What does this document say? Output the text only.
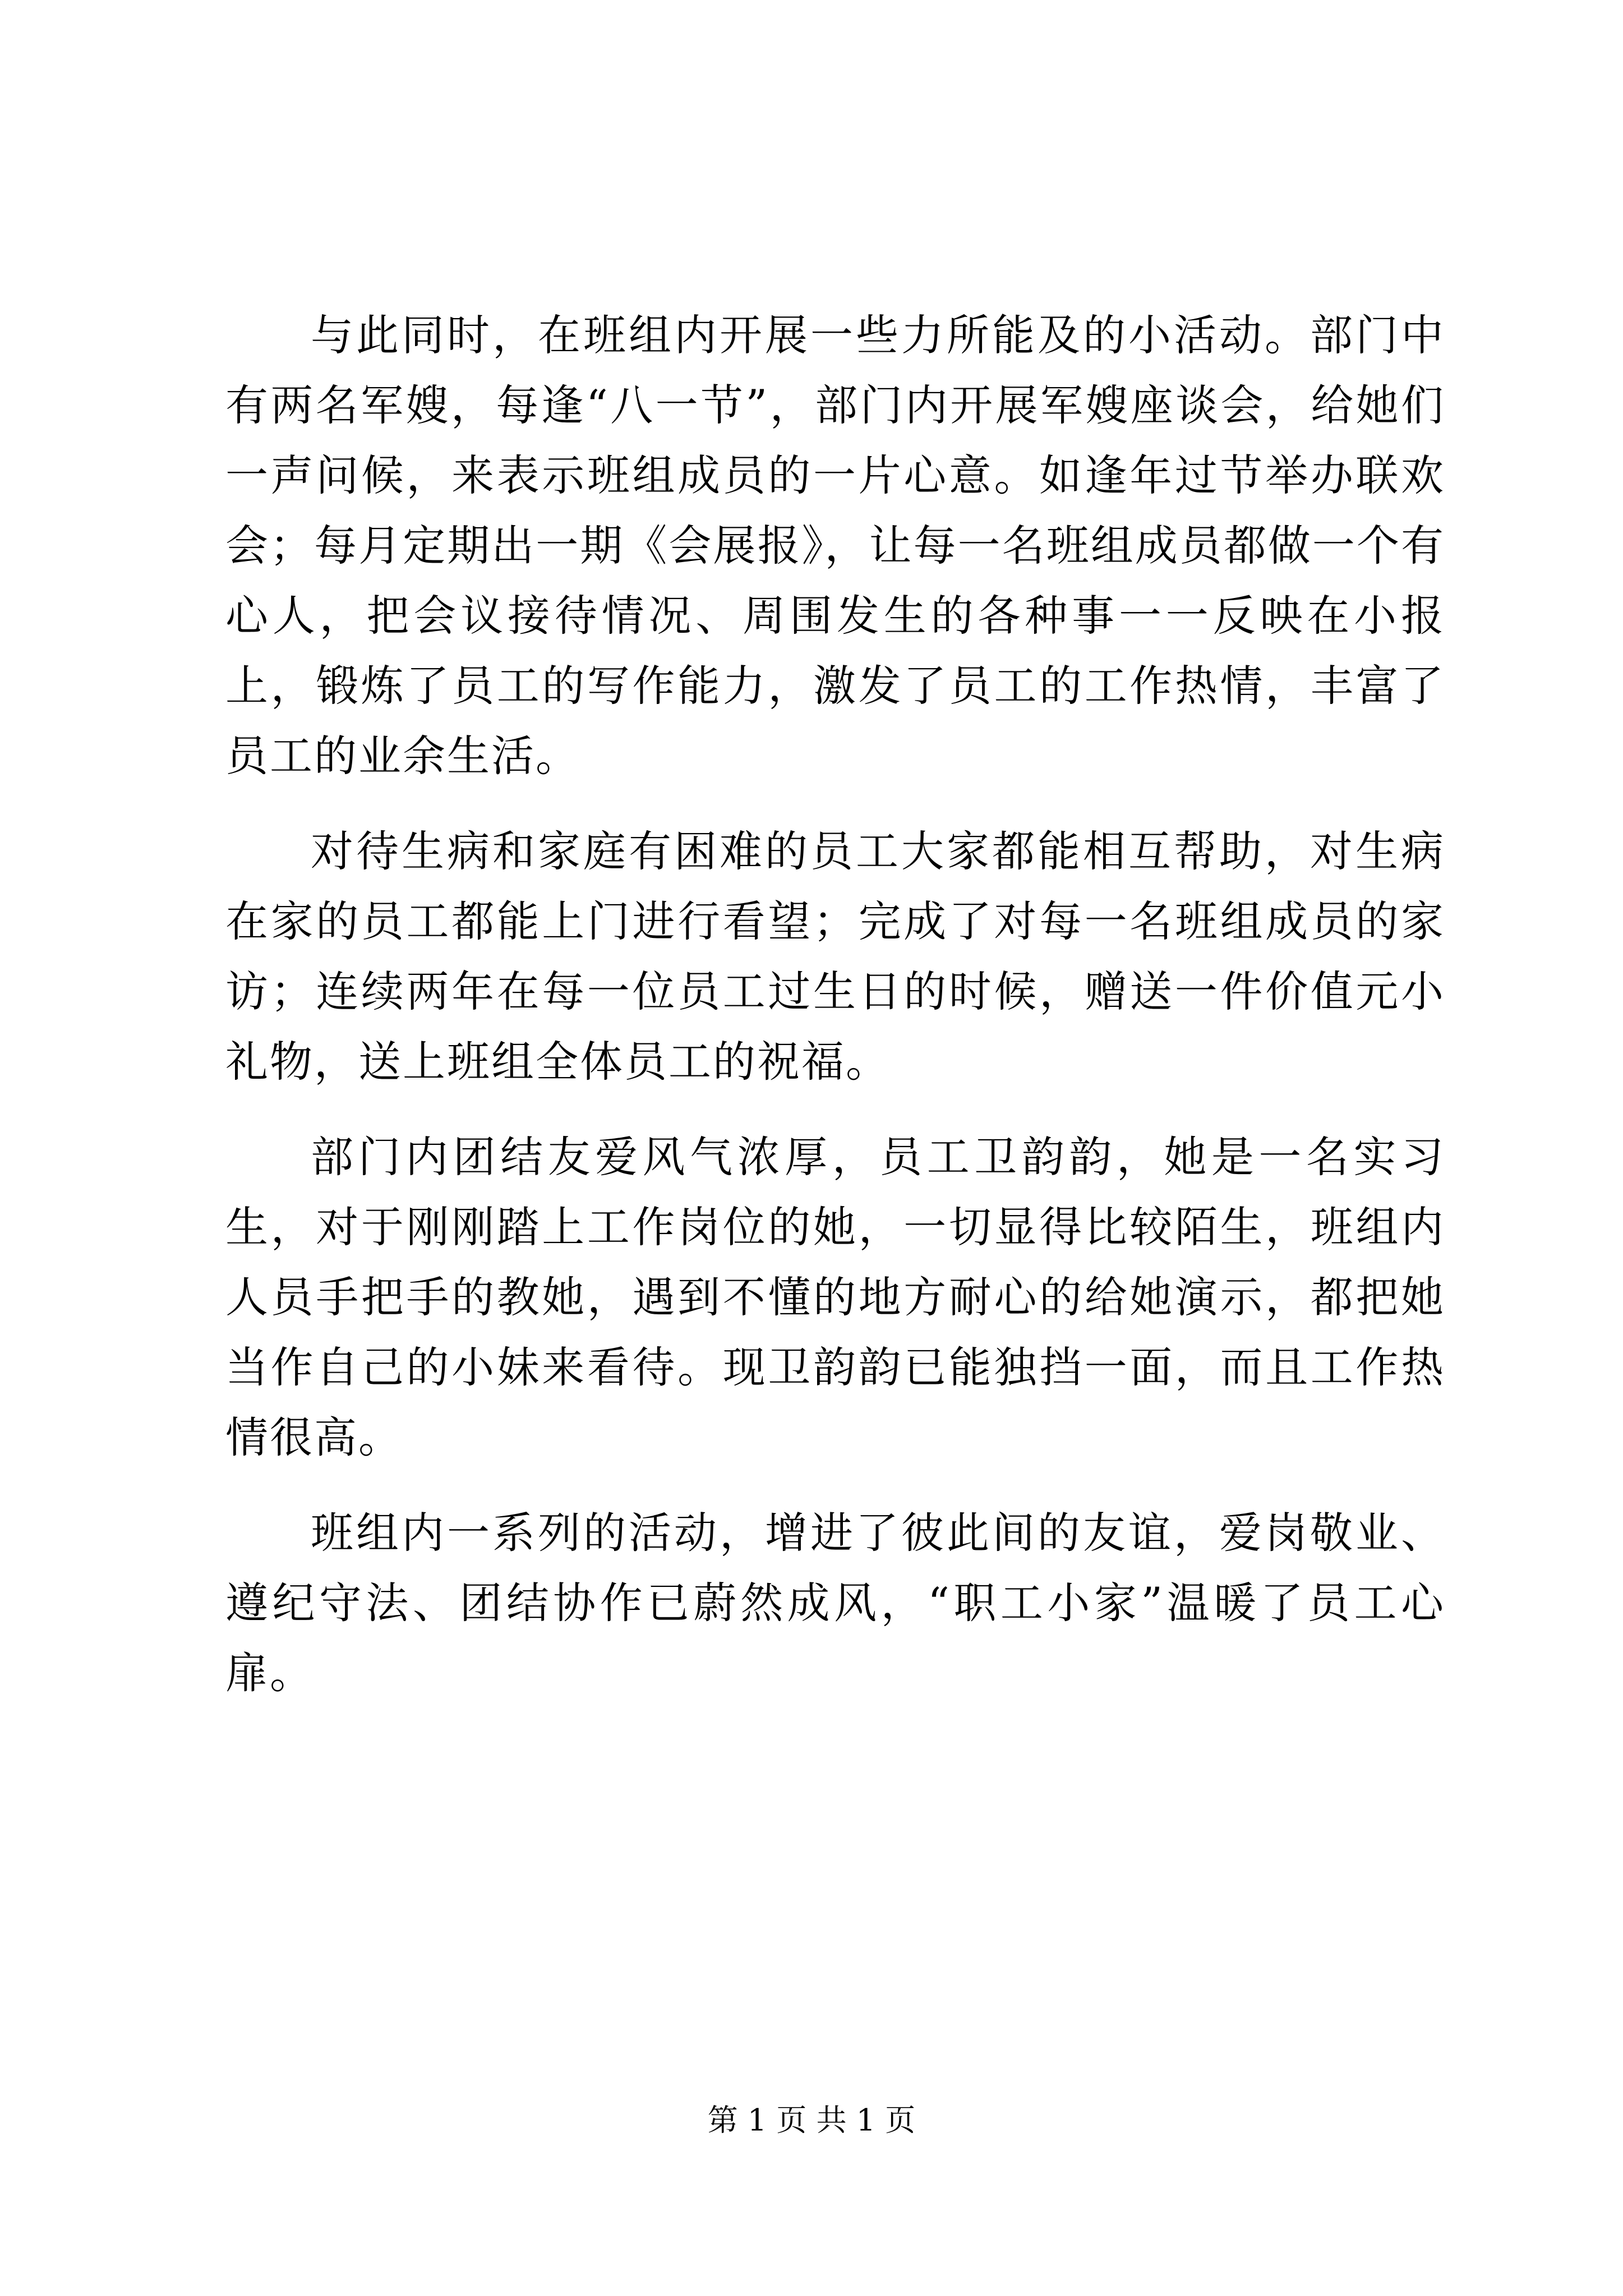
与此同时，在班组内开展一些力所能及的小活动。部门中有两名军嫂，每逢“八一节”，部门内开展军嫂座谈会，给她们一声问候，来表示班组成员的一片心意。如逢年过节举办联欢会；每月定期出一期《会展报》，让每一名班组成员都做一个有心人，把会议接待情况、周围发生的各种事一一反映在小报上，锻炼了员工的写作能力，激发了员工的工作热情，丰富了员工的业余生活。

对待生病和家庭有困难的员工大家都能相互帮助，对生病在家的员工都能上门进行看望；完成了对每一名班组成员的家访；连续两年在每一位员工过生日的时候，赠送一件价值元小礼物，送上班组全体员工的祝福。

部门内团结友爱风气浓厚，员工卫韵韵，她是一名实习生，对于刚刚踏上工作岗位的她，一切显得比较陌生，班组内人员手把手的教她，遇到不懂的地方耐心的给她演示，都把她当作自己的小妹来看待。现卫韵韵已能独挡一面，而且工作热情很高。

班组内一系列的活动，增进了彼此间的友谊，爱岗敬业、遵纪守法、团结协作已蔚然成风，“职工小家”温暖了员工心扉。

第 1 页 共 1 页
